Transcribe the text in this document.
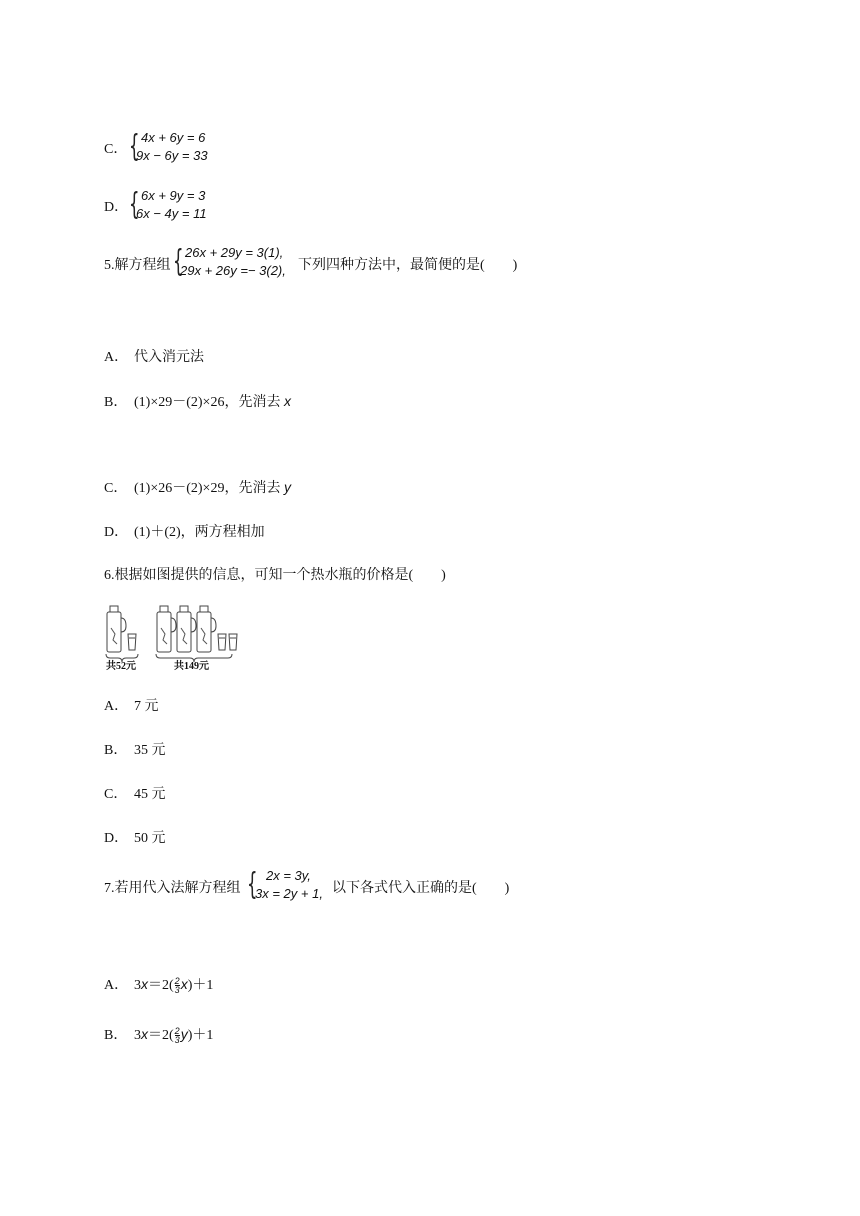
C． { 4x + 6y = 6
9x − 6y = 33
D． { 6x + 9y = 3
6x − 4y = 11
5.解方程组 { 26x + 29y = 3(1),
29x + 26y =− 3(2), 下列四种方法中，最简便的是(　　)
A． 代入消元法
B． (1)×29－(2)×26，先消去 x
C． (1)×26－(2)×29，先消去 y
D． (1)＋(2)，两方程相加
6.根据如图提供的信息，可知一个热水瓶的价格是(　　)
共52元	共149元
A． 7 元
B． 35 元
C． 45 元
D． 50 元
7.若用代入法解方程组 { 2x = 3y,
3x = 2y + 1, 以下各式代入正确的是(　　)
A． $3x=2( \frac{2}{3} x)+1$
B． $3x=2( \frac{2}{3} y)+1$
